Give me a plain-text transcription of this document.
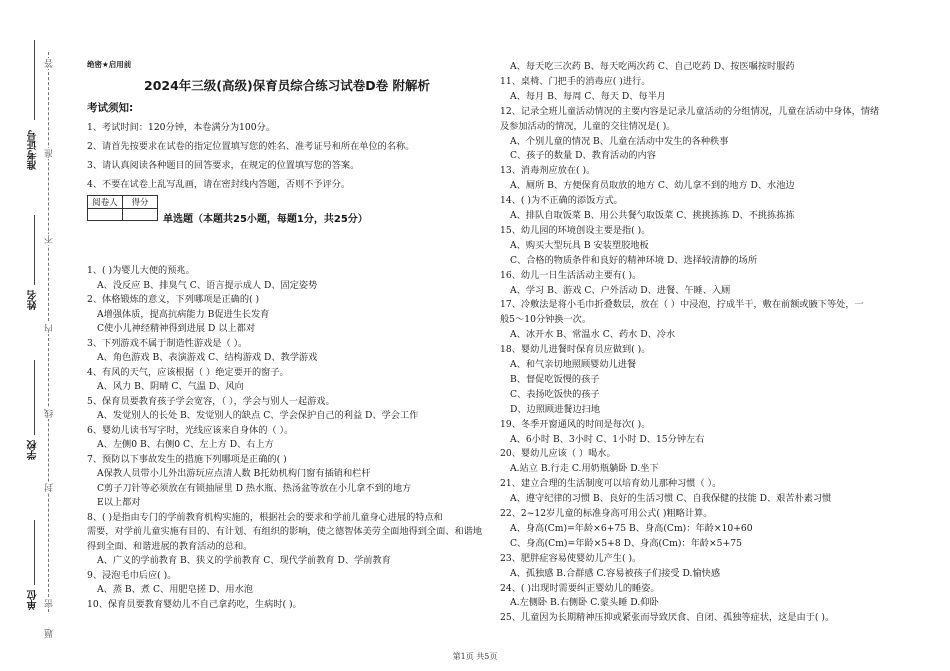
准考证号
姓名
学校
单位 密
封
线
内
不
准
答
题
绝密★启用前
2024年三级(高级)保育员综合练习试卷D卷 附解析
考试须知:
1、考试时间：120分钟，本卷满分为100分。
2、请首先按要求在试卷的指定位置填写您的姓名、准考证号和所在单位的名称。
3、请认真阅读各种题目的回答要求，在规定的位置填写您的答案。
4、不要在试卷上乱写乱画，请在密封线内答题，否则不予评分。
阅卷人	得分

单选题（本题共25小题，每题1分，共25分）
1、( )为婴儿大便的预兆。
A、没反应 B、排臭气 C、语言提示成人 D、固定姿势
2、体格锻炼的意义，下列哪项是正确的( )
A增强体质，提高抗病能力 B促进生长发育
C使小儿神经精神得到进展 D 以上都对
3、下列游戏不属于制造性游戏是（ ）。
A、角色游戏 B、表演游戏 C、结构游戏 D、教学游戏
4、有风的天气，应该根据（ ）绝定要开的窗子。
A、风力 B、阴晴 C、气温 D、风向
5、保育员要教育孩子学会宽容，（ ），学会与别人一起游戏。
A、发觉别人的长处 B、发觉别人的缺点 C、学会保护自己的利益 D、学会工作
6、婴幼儿读书写字时，光线应该来自身体的（ ）。
A、左侧0 B、右侧0 C、左上方 D、右上方
7、预防以下事故发生的措施下列哪项是正确的( )
A保教人员带小儿外出游玩应点清人数 B托幼机构门窗有插销和栏杆
C剪子刀针等必须放在有锁抽屉里 D 热水瓶、热汤盆等放在小儿拿不到的地方
E以上都对
8、( )是指由专门的学前教育机构实施的，根据社会的要求和学前儿童身心进展的特点和
需要，对学前儿童实施有目的、有计划、有组织的影响，使之德智体美劳全面地得到全面、和谐地
得到全面、和谐进展的教育活动的总和。
A、广义的学前教育 B、狭义的学前教育 C、现代学前教育 D、学前教育
9、浸泡毛巾后应( )。
A、蒸 B、煮 C、用肥皂搓 D、用水泡
10、保育员要教育婴幼儿不自己拿药吃，生病时( )。
A、每天吃三次药 B、每天吃两次药 C、自己吃药 D、按医嘱按时服药
11、桌椅、门把手的消毒应( )进行。
A、每月 B、每周 C、每天 D、每半月
12、记录全班儿童活动情况的主要内容是记录儿童活动的分组情况，儿童在活动中身体，情绪
及参加活动的情况，儿童的交往情况是( )。
A、个别儿童的情况 B、儿童在活动中发生的各种秩事
C、孩子的数量 D、教育活动的内容
13、消毒剂应放在( )。
A、厕所 B、方便保育员取放的地方 C、幼儿拿不到的地方 D、水池边
14、( )为不正确的添饭方式。
A、排队自取饭菜 B、用公共餐勺取饭菜 C、挑挑拣拣 D、不挑拣拣拣
15、幼儿园的环境创设主要是指( )。
A、购买大型玩具 B 安装塑胶地板
C、合格的物质条件和良好的精神环境 D、选择较清静的场所
16、幼儿一日生活活动主要有( )。
A、学习 B、游戏 C、户外活动 D、进餐、午睡、入厕
17、冷敷法是将小毛巾折叠数层，放在（ ）中浸泡，拧成半干，敷在前额或腋下等处，一
般5～10分钟换一次。
A、冰开水 B、常温水 C、药水 D、冷水
18、婴幼儿进餐时保育员应做到( )。
A、和气亲切地照顾婴幼儿进餐
B、督促吃饭慢的孩子
C、表扬吃饭快的孩子
D、边照顾进餐边扫地
19、冬季开窗通风的时间是每次( )。
A、6小时 B、3小时 C、1小时 D、15分钟左右
20、婴幼儿应该（ ）喝水。
A.站立 B.行走 C.用奶瓶躺卧 D.坐下
21、建立合理的生活制度可以培育幼儿那种习惯（ ）。
A、遵守纪律的习惯 B、良好的生活习惯 C、自我保健的技能 D、艰苦朴素习惯
22、2~12岁儿童的标准身高可用公式( )粗略计算。
A、身高(Cm)=年龄×6+75 B、身高(Cm)：年龄×10+60
C、身高(Cm)=年龄×5+8 D、身高(Cm)：年龄×5+75
23、肥胖症容易使婴幼儿产生( )。
A、孤独感 B.合群感 C.容易被孩子们接受 D.愉快感
24、( )出现时需要纠正婴幼儿的睡姿。
A.左侧卧 B.右侧卧 C.蒙头睡 D.仰卧
25、儿童因为长期精神压抑或紧张而导致厌食、自闭、孤独等症状，这是由于( )。
第1页 共5页
